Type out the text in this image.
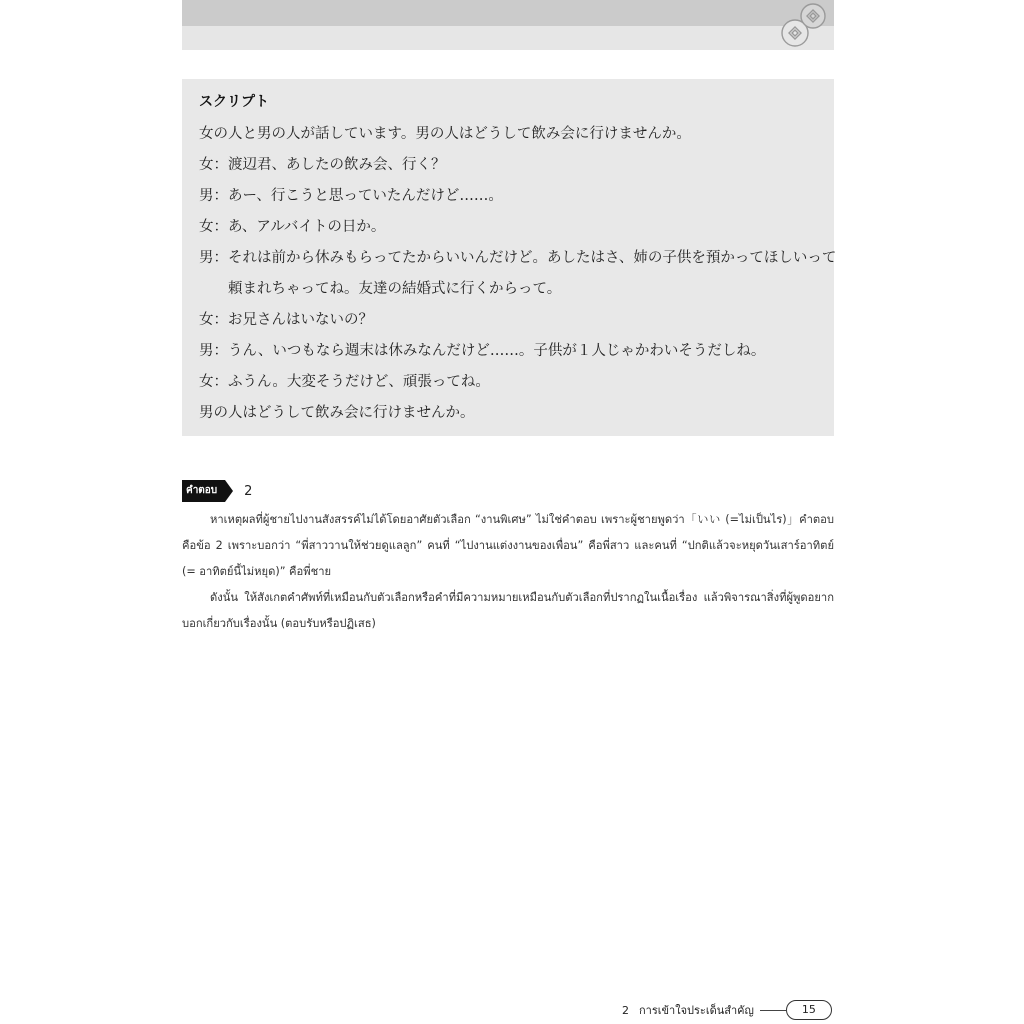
スクリプト
女の人と男の人が話しています。男の人はどうして飲み会に行けませんか。
女：渡辺君、あしたの飲み会、行く？
男：あー、行こうと思っていたんだけど……。
女：あ、アルバイトの日か。
男：それは前から休みもらってたからいいんだけど。あしたはさ、姉の子供を預かってほしいって
頼まれちゃってね。友達の結婚式に行くからって。
女：お兄さんはいないの？
男：うん、いつもなら週末は休みなんだけど……。子供が１人じゃかわいそうだしね。
女：ふうん。大変そうだけど、頑張ってね。
男の人はどうして飲み会に行けませんか。
คำตอบ	2

หาเหตุผลที่ผู้ชายไปงานสังสรรค์ไม่ได้โดยอาศัยตัวเลือก “งานพิเศษ” ไม่ใช่คำตอบ เพราะผู้ชายพูดว่า「いい (=ไม่เป็นไร)」คำตอบคือข้อ 2 เพราะบอกว่า “พี่สาววานให้ช่วยดูแลลูก” คนที่ “ไปงานแต่งงานของเพื่อน” คือพี่สาว และคนที่ “ปกติแล้วจะหยุดวันเสาร์อาทิตย์ (= อาทิตย์นี้ไม่หยุด)” คือพี่ชาย

ดังนั้น ให้สังเกตคำศัพท์ที่เหมือนกับตัวเลือกหรือคำที่มีความหมายเหมือนกับตัวเลือกที่ปรากฏในเนื้อเรื่อง แล้วพิจารณาสิ่งที่ผู้พูดอยากบอกเกี่ยวกับเรื่องนั้น (ตอบรับหรือปฏิเสธ)

2 การเข้าใจประเด็นสำคัญ	15
